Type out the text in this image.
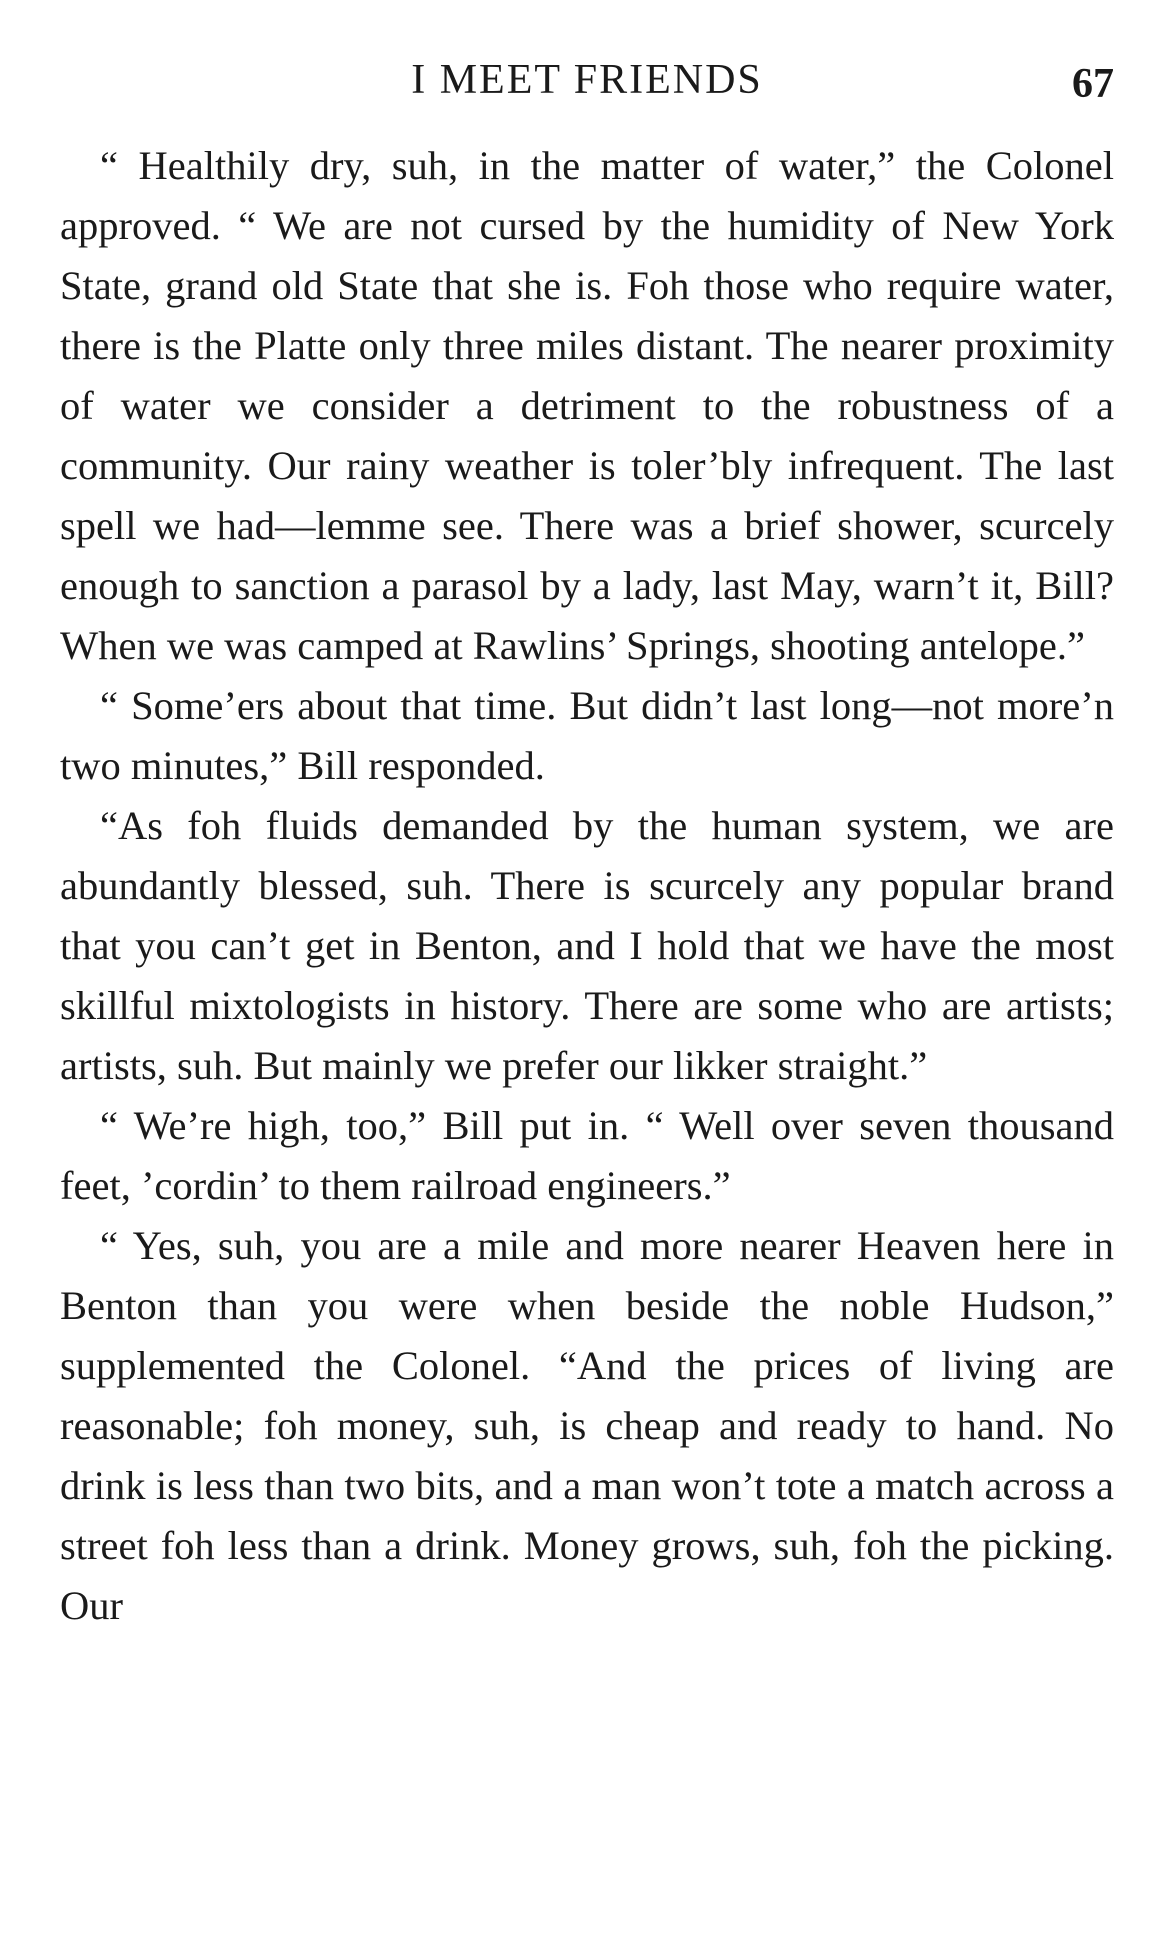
I MEET FRIENDS	67

“ Healthily dry, suh, in the matter of water,” the Colonel approved. “ We are not cursed by the humidity of New York State, grand old State that she is. Foh those who require water, there is the Platte only three miles distant. The nearer proximity of water we consider a detriment to the robustness of a community. Our rainy weather is toler’bly infrequent. The last spell we had—lemme see. There was a brief shower, scurcely enough to sanction a parasol by a lady, last May, warn’t it, Bill? When we was camped at Rawlins’ Springs, shooting antelope.”

“ Some’ers about that time. But didn’t last long—not more’n two minutes,” Bill responded.

“As foh fluids demanded by the human system, we are abundantly blessed, suh. There is scurcely any popular brand that you can’t get in Benton, and I hold that we have the most skillful mixtologists in history. There are some who are artists; artists, suh. But mainly we prefer our likker straight.”

“ We’re high, too,” Bill put in. “ Well over seven thousand feet, ’cordin’ to them railroad engineers.”

“ Yes, suh, you are a mile and more nearer Heaven here in Benton than you were when beside the noble Hudson,” supplemented the Colonel. “And the prices of living are reasonable; foh money, suh, is cheap and ready to hand. No drink is less than two bits, and a man won’t tote a match across a street foh less than a drink. Money grows, suh, foh the picking. Our
